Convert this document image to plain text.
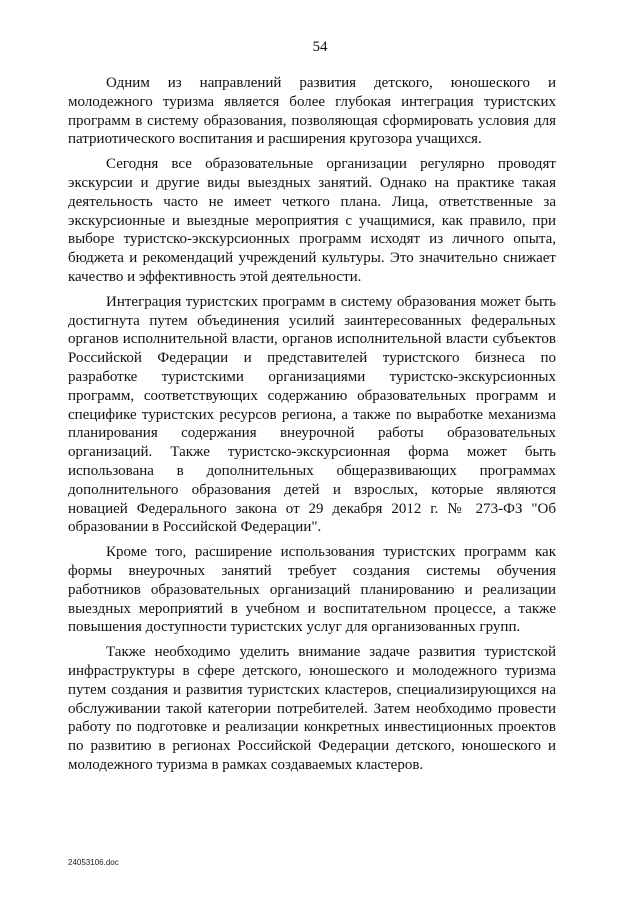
54

Одним из направлений развития детского, юношеского и молодежного туризма является более глубокая интеграция туристских программ в систему образования, позволяющая сформировать условия для патриотического воспитания и расширения кругозора учащихся.

Сегодня все образовательные организации регулярно проводят экскурсии и другие виды выездных занятий. Однако на практике такая деятельность часто не имеет четкого плана. Лица, ответственные за экскурсионные и выездные мероприятия с учащимися, как правило, при выборе туристско-экскурсионных программ исходят из личного опыта, бюджета и рекомендаций учреждений культуры. Это значительно снижает качество и эффективность этой деятельности.

Интеграция туристских программ в систему образования может быть достигнута путем объединения усилий заинтересованных федеральных органов исполнительной власти, органов исполнительной власти субъектов Российской Федерации и представителей туристского бизнеса по разработке туристскими организациями туристско-экскурсионных программ, соответствующих содержанию образовательных программ и специфике туристских ресурсов региона, а также по выработке механизма планирования содержания внеурочной работы образовательных организаций. Также туристско-экскурсионная форма может быть использована в дополнительных общеразвивающих программах дополнительного образования детей и взрослых, которые являются новацией Федерального закона от 29 декабря 2012 г. № 273-ФЗ "Об образовании в Российской Федерации".

Кроме того, расширение использования туристских программ как формы внеурочных занятий требует создания системы обучения работников образовательных организаций планированию и реализации выездных мероприятий в учебном и воспитательном процессе, а также повышения доступности туристских услуг для организованных групп.

Также необходимо уделить внимание задаче развития туристской инфраструктуры в сфере детского, юношеского и молодежного туризма путем создания и развития туристских кластеров, специализирующихся на обслуживании такой категории потребителей. Затем необходимо провести работу по подготовке и реализации конкретных инвестиционных проектов по развитию в регионах Российской Федерации детского, юношеского и молодежного туризма в рамках создаваемых кластеров.

24053106.doc
